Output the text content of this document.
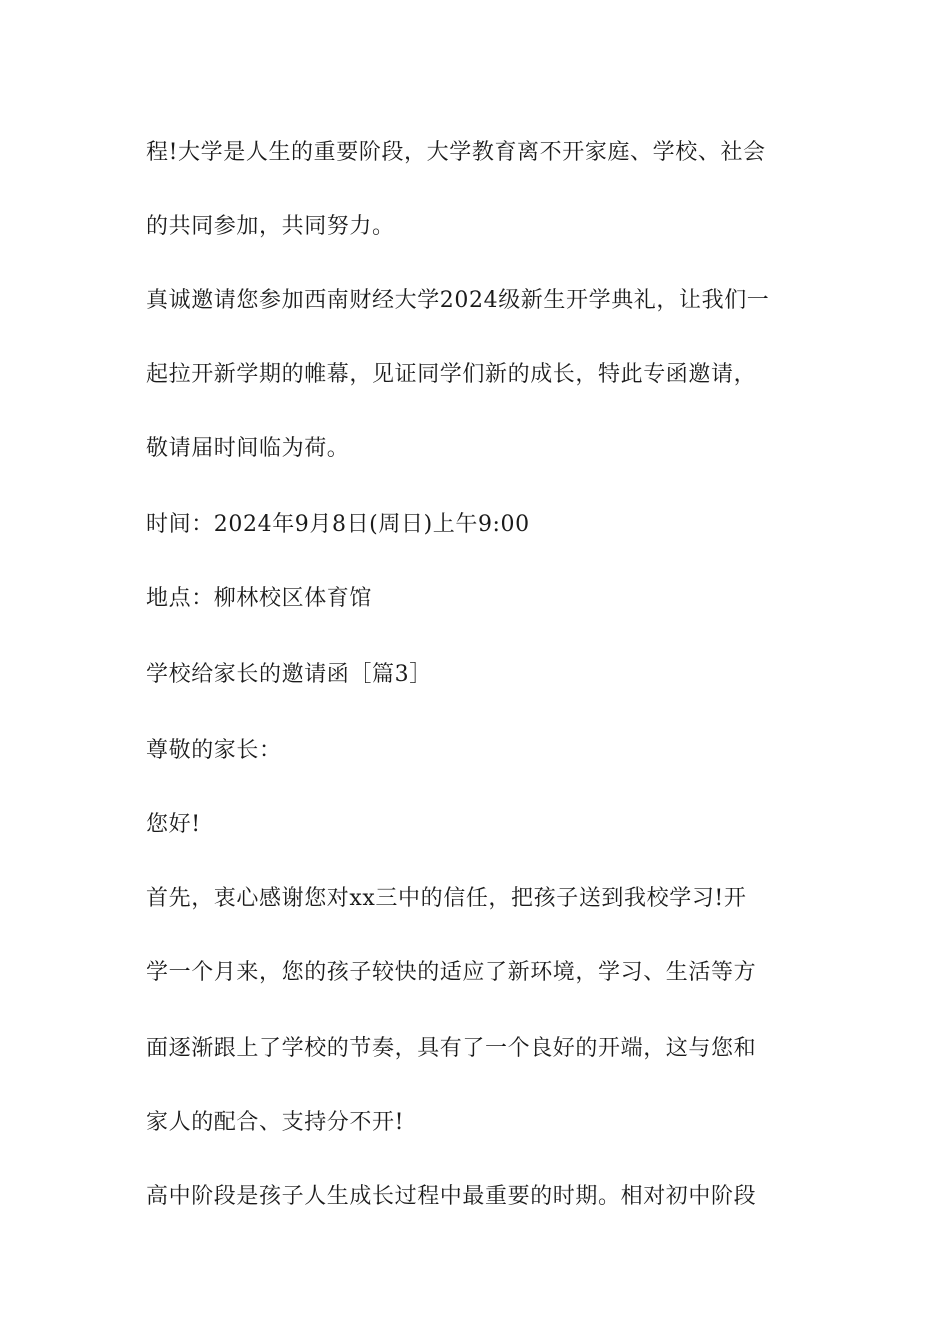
程!大学是人生的重要阶段，大学教育离不开家庭、学校、社会
的共同参加，共同努力。
真诚邀请您参加西南财经大学2024级新生开学典礼，让我们一
起拉开新学期的帷幕，见证同学们新的成长，特此专函邀请，
敬请届时间临为荷。
时间：2024年9月8日(周日)上午9:00
地点：柳林校区体育馆
学校给家长的邀请函［篇3］
尊敬的家长：
您好!
首先，衷心感谢您对xx三中的信任，把孩子送到我校学习!开
学一个月来，您的孩子较快的适应了新环境，学习、生活等方
面逐渐跟上了学校的节奏，具有了一个良好的开端，这与您和
家人的配合、支持分不开!
高中阶段是孩子人生成长过程中最重要的时期。相对初中阶段
